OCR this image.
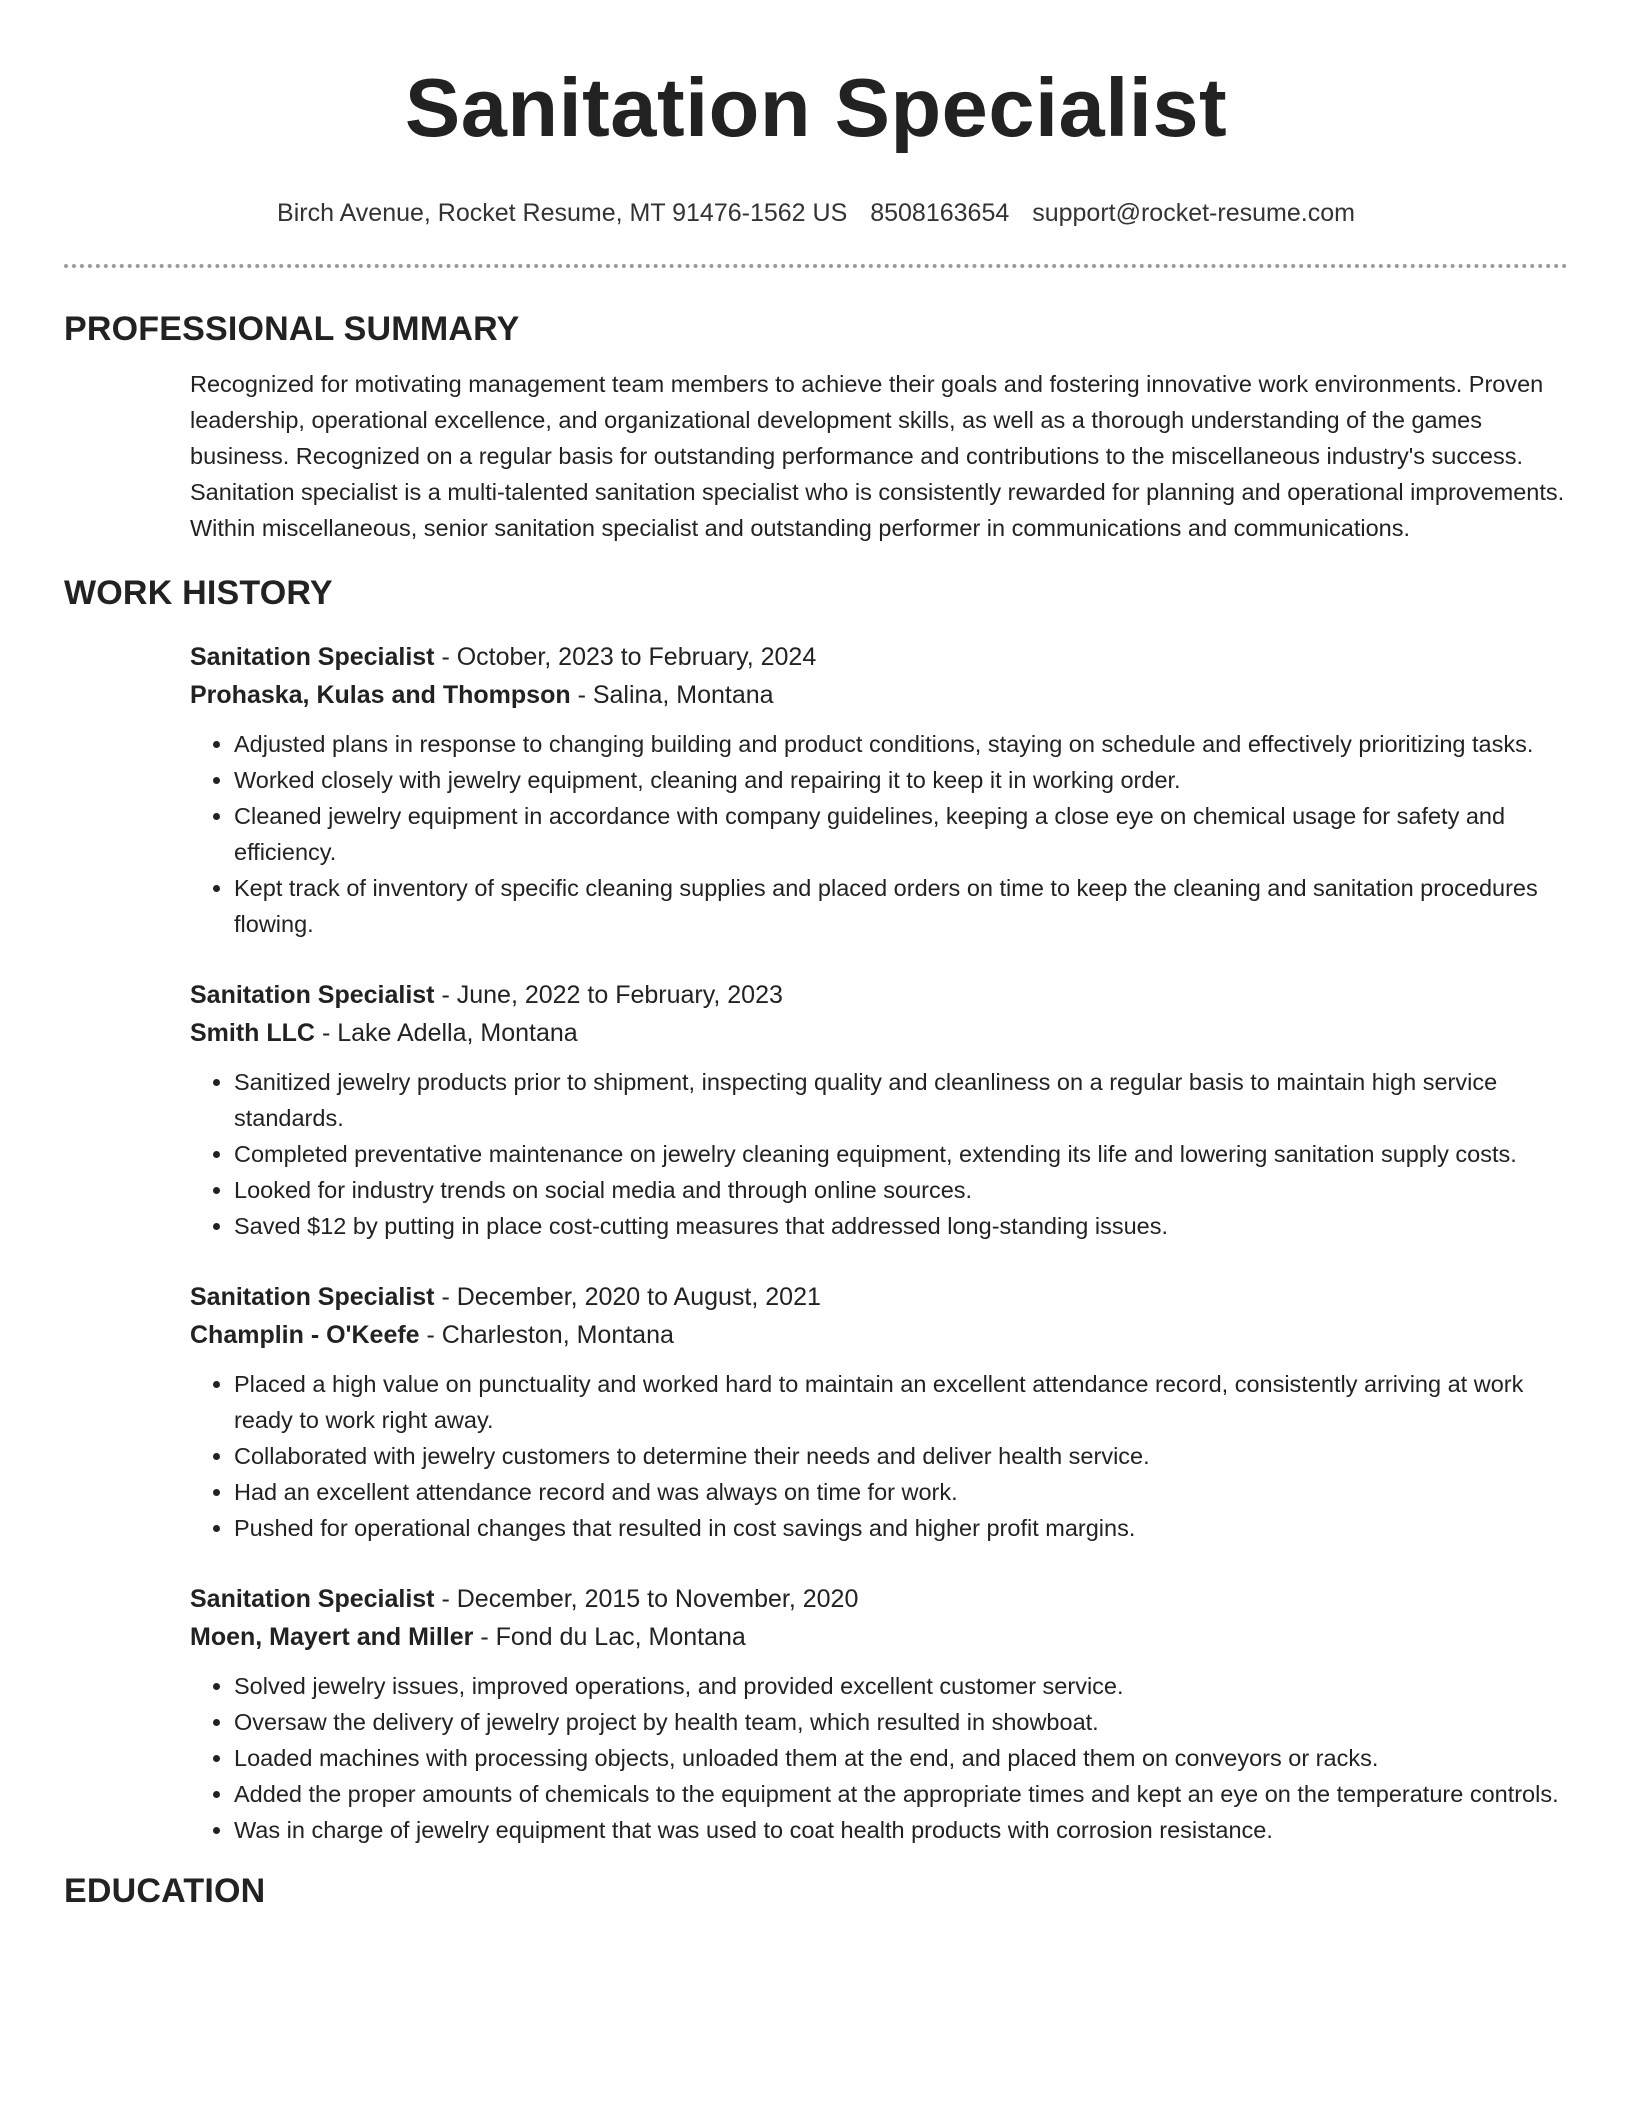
Sanitation Specialist
Birch Avenue, Rocket Resume, MT 91476-1562 US 8508163654 support@rocket-resume.com
PROFESSIONAL SUMMARY
Recognized for motivating management team members to achieve their goals and fostering innovative work environments. Proven leadership, operational excellence, and organizational development skills, as well as a thorough understanding of the games business. Recognized on a regular basis for outstanding performance and contributions to the miscellaneous industry's success. Sanitation specialist is a multi-talented sanitation specialist who is consistently rewarded for planning and operational improvements. Within miscellaneous, senior sanitation specialist and outstanding performer in communications and communications.
WORK HISTORY
Sanitation Specialist - October, 2023 to February, 2024
Prohaska, Kulas and Thompson - Salina, Montana
• Adjusted plans in response to changing building and product conditions, staying on schedule and effectively prioritizing tasks.
• Worked closely with jewelry equipment, cleaning and repairing it to keep it in working order.
• Cleaned jewelry equipment in accordance with company guidelines, keeping a close eye on chemical usage for safety and efficiency.
• Kept track of inventory of specific cleaning supplies and placed orders on time to keep the cleaning and sanitation procedures flowing.
Sanitation Specialist - June, 2022 to February, 2023
Smith LLC - Lake Adella, Montana
• Sanitized jewelry products prior to shipment, inspecting quality and cleanliness on a regular basis to maintain high service standards.
• Completed preventative maintenance on jewelry cleaning equipment, extending its life and lowering sanitation supply costs.
• Looked for industry trends on social media and through online sources.
• Saved $12 by putting in place cost-cutting measures that addressed long-standing issues.
Sanitation Specialist - December, 2020 to August, 2021
Champlin - O'Keefe - Charleston, Montana
• Placed a high value on punctuality and worked hard to maintain an excellent attendance record, consistently arriving at work ready to work right away.
• Collaborated with jewelry customers to determine their needs and deliver health service.
• Had an excellent attendance record and was always on time for work.
• Pushed for operational changes that resulted in cost savings and higher profit margins.
Sanitation Specialist - December, 2015 to November, 2020
Moen, Mayert and Miller - Fond du Lac, Montana
• Solved jewelry issues, improved operations, and provided excellent customer service.
• Oversaw the delivery of jewelry project by health team, which resulted in showboat.
• Loaded machines with processing objects, unloaded them at the end, and placed them on conveyors or racks.
• Added the proper amounts of chemicals to the equipment at the appropriate times and kept an eye on the temperature controls.
• Was in charge of jewelry equipment that was used to coat health products with corrosion resistance.
EDUCATION
